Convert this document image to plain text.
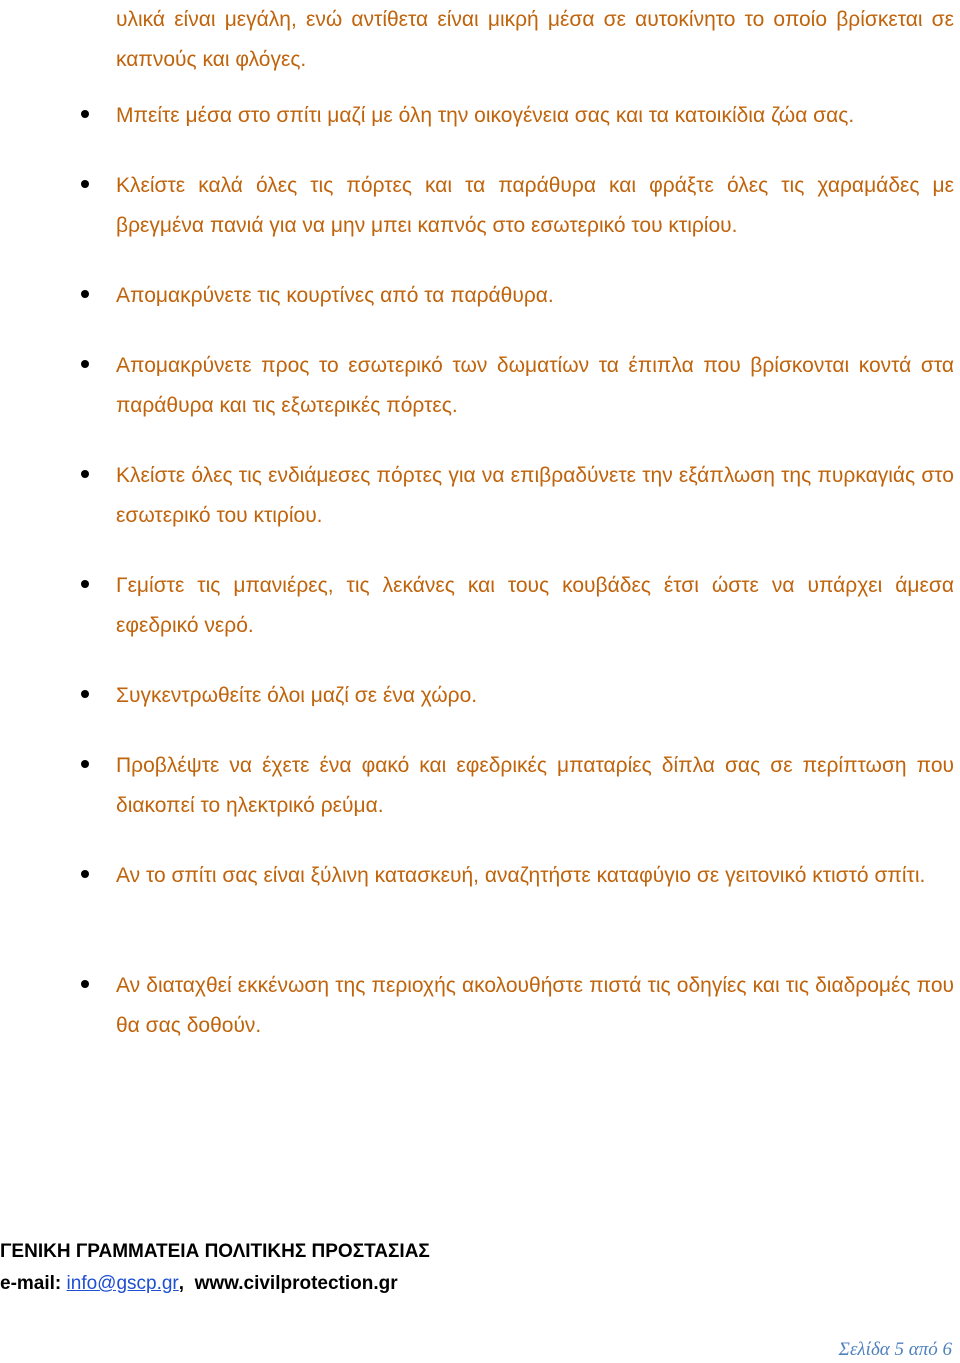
υλικά είναι μεγάλη, ενώ αντίθετα είναι μικρή μέσα σε αυτοκίνητο το οποίο βρίσκεται σε καπνούς και φλόγες.

Μπείτε μέσα στο σπίτι μαζί με όλη την οικογένεια σας και τα κατοικίδια ζώα σας.
Κλείστε καλά όλες τις πόρτες και τα παράθυρα και φράξτε όλες τις χαραμάδες με βρεγμένα πανιά για να μην μπει καπνός στο εσωτερικό του κτιρίου.
Απομακρύνετε τις κουρτίνες από τα παράθυρα.
Απομακρύνετε προς το εσωτερικό των δωματίων τα έπιπλα που βρίσκονται κοντά στα παράθυρα και τις εξωτερικές πόρτες.
Κλείστε όλες τις ενδιάμεσες πόρτες για να επιβραδύνετε την εξάπλωση της πυρκαγιάς στο εσωτερικό του κτιρίου.
Γεμίστε τις μπανιέρες, τις λεκάνες και τους κουβάδες έτσι ώστε να υπάρχει άμεσα εφεδρικό νερό.
Συγκεντρωθείτε όλοι μαζί σε ένα χώρο.
Προβλέψτε να έχετε ένα φακό και εφεδρικές μπαταρίες δίπλα σας σε περίπτωση που διακοπεί το ηλεκτρικό ρεύμα.
Αν το σπίτι σας είναι ξύλινη κατασκευή, αναζητήστε καταφύγιο σε γειτονικό κτιστό σπίτι.
Αν διαταχθεί εκκένωση της περιοχής ακολουθήστε πιστά τις οδηγίες και τις διαδρομές που θα σας δοθούν.
ΓΕΝΙΚΗ ΓΡΑΜΜΑΤΕΙΑ ΠΟΛΙΤΙΚΗΣ ΠΡΟΣΤΑΣΙΑΣ
e-mail: info@gscp.gr,  www.civilprotection.gr
Σελίδα 5 από 6
